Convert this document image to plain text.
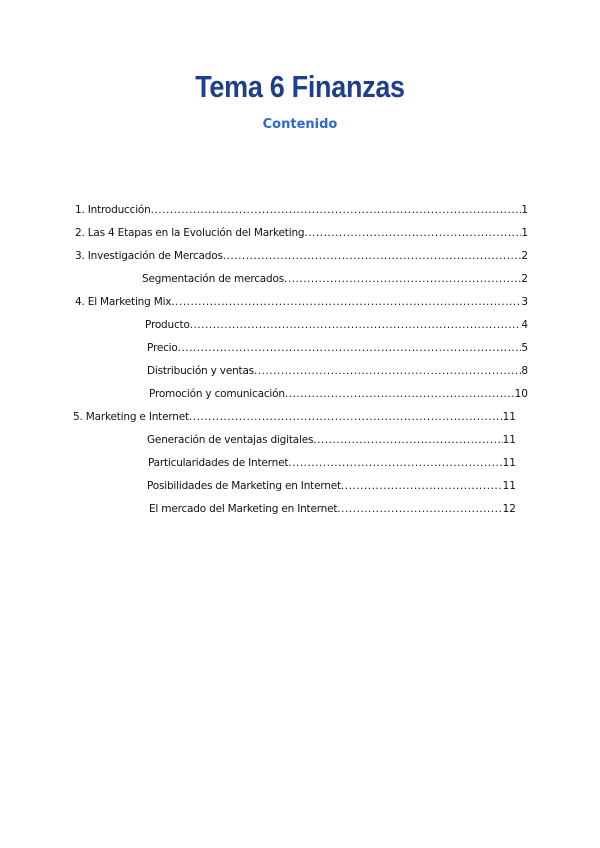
Tema 6 Finanzas
Contenido
1. Introducción .....	1
2. Las 4 Etapas en la Evolución del Marketing .....	1
3. Investigación de Mercados .....	2
Segmentación de mercados .....	2
4. El Marketing Mix .....	3
Producto .....	4
Precio .....	5
Distribución y ventas .....	8
Promoción y comunicación .....	10
5. Marketing e Internet .....	11
Generación de ventajas digitales .....	11
Particularidades de Internet .....	11
Posibilidades de Marketing en Internet .....	11
El mercado del Marketing en Internet .....	12
